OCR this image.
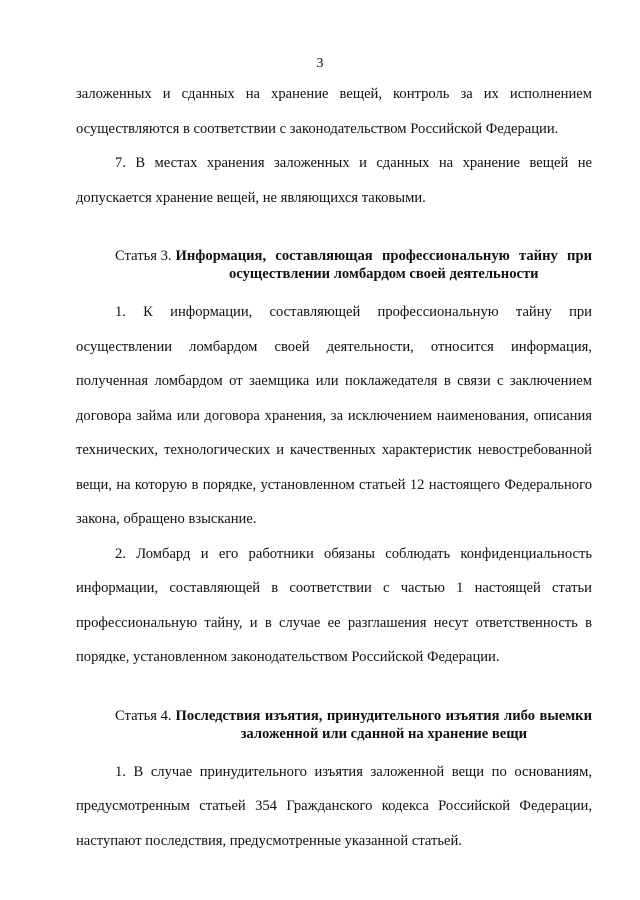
3

заложенных и сданных на хранение вещей, контроль за их исполнением осуществляются в соответствии с законодательством Российской Федерации.

7. В местах хранения заложенных и сданных на хранение вещей не допускается хранение вещей, не являющихся таковыми.

Статья 3. Информация, составляющая профессиональную тайну при осуществлении ломбардом своей деятельности

1. К информации, составляющей профессиональную тайну при осуществлении ломбардом своей деятельности, относится информация, полученная ломбардом от заемщика или поклажедателя в связи с заключением договора займа или договора хранения, за исключением наименования, описания технических, технологических и качественных характеристик невостребованной вещи, на которую в порядке, установленном статьей 12 настоящего Федерального закона, обращено взыскание.

2. Ломбард и его работники обязаны соблюдать конфиденциальность информации, составляющей в соответствии с частью 1 настоящей статьи профессиональную тайну, и в случае ее разглашения несут ответственность в порядке, установленном законодательством Российской Федерации.

Статья 4. Последствия изъятия, принудительного изъятия либо выемки заложенной или сданной на хранение вещи

1. В случае принудительного изъятия заложенной вещи по основаниям, предусмотренным статьей 354 Гражданского кодекса Российской Федерации, наступают последствия, предусмотренные указанной статьей.
